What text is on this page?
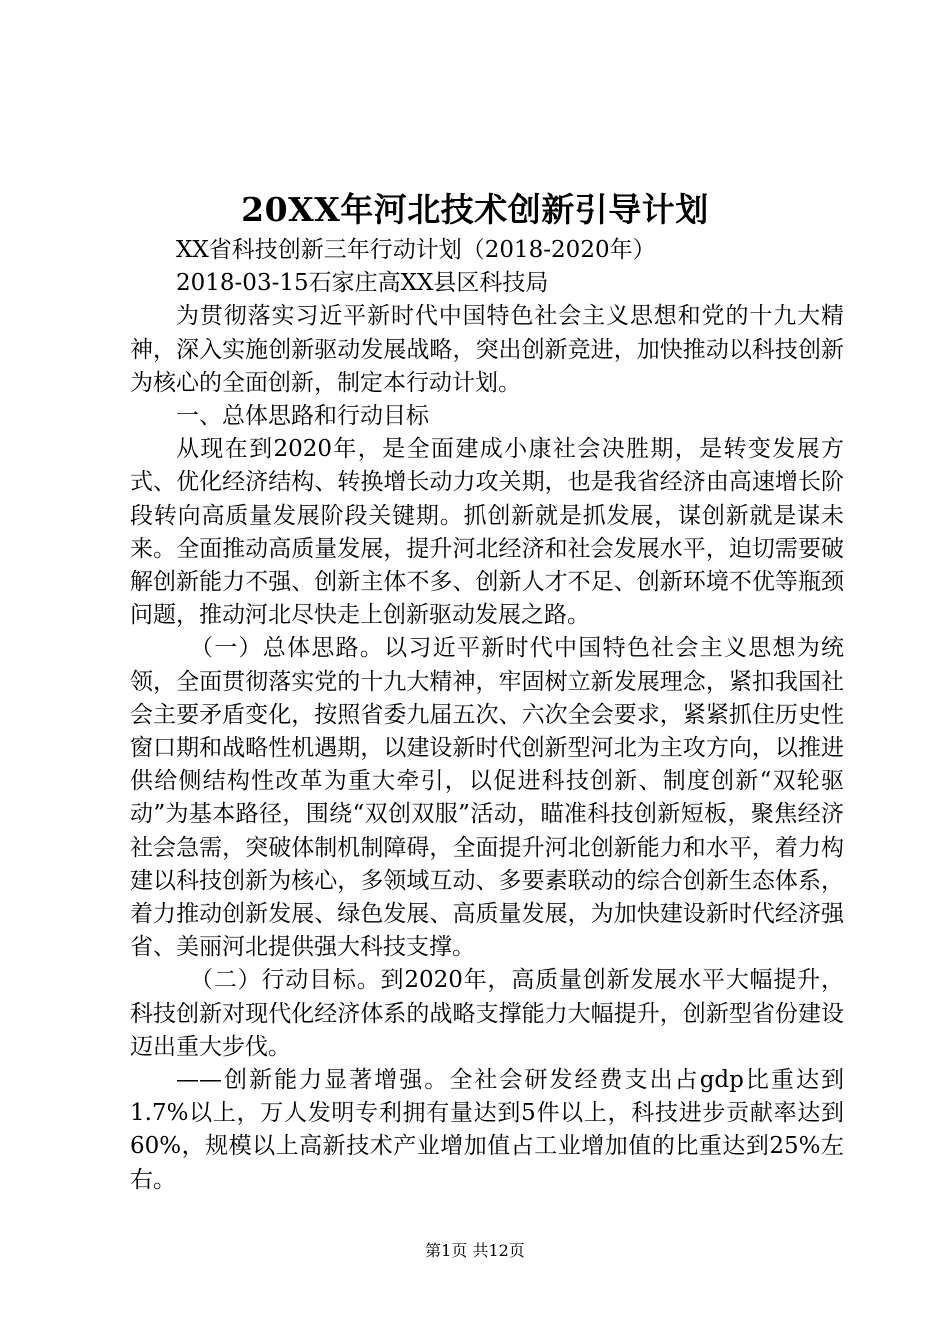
20XX年河北技术创新引导计划

XX省科技创新三年行动计划（2018-2020年）

2018-03-15石家庄高XX县区科技局

为贯彻落实习近平新时代中国特色社会主义思想和党的十九大精神，深入实施创新驱动发展战略，突出创新竞进，加快推动以科技创新为核心的全面创新，制定本行动计划。

一、总体思路和行动目标

从现在到2020年，是全面建成小康社会决胜期，是转变发展方式、优化经济结构、转换增长动力攻关期，也是我省经济由高速增长阶段转向高质量发展阶段关键期。抓创新就是抓发展，谋创新就是谋未来。全面推动高质量发展，提升河北经济和社会发展水平，迫切需要破解创新能力不强、创新主体不多、创新人才不足、创新环境不优等瓶颈问题，推动河北尽快走上创新驱动发展之路。

（一）总体思路。以习近平新时代中国特色社会主义思想为统领，全面贯彻落实党的十九大精神，牢固树立新发展理念，紧扣我国社会主要矛盾变化，按照省委九届五次、六次全会要求，紧紧抓住历史性窗口期和战略性机遇期，以建设新时代创新型河北为主攻方向，以推进供给侧结构性改革为重大牵引，以促进科技创新、制度创新“双轮驱动”为基本路径，围绕“双创双服”活动，瞄准科技创新短板，聚焦经济社会急需，突破体制机制障碍，全面提升河北创新能力和水平，着力构建以科技创新为核心，多领域互动、多要素联动的综合创新生态体系，着力推动创新发展、绿色发展、高质量发展，为加快建设新时代经济强省、美丽河北提供强大科技支撑。

（二）行动目标。到2020年，高质量创新发展水平大幅提升，科技创新对现代化经济体系的战略支撑能力大幅提升，创新型省份建设迈出重大步伐。

——创新能力显著增强。全社会研发经费支出占gdp比重达到1.7%以上，万人发明专利拥有量达到5件以上，科技进步贡献率达到60%，规模以上高新技术产业增加值占工业增加值的比重达到25%左右。

第1页 共12页
